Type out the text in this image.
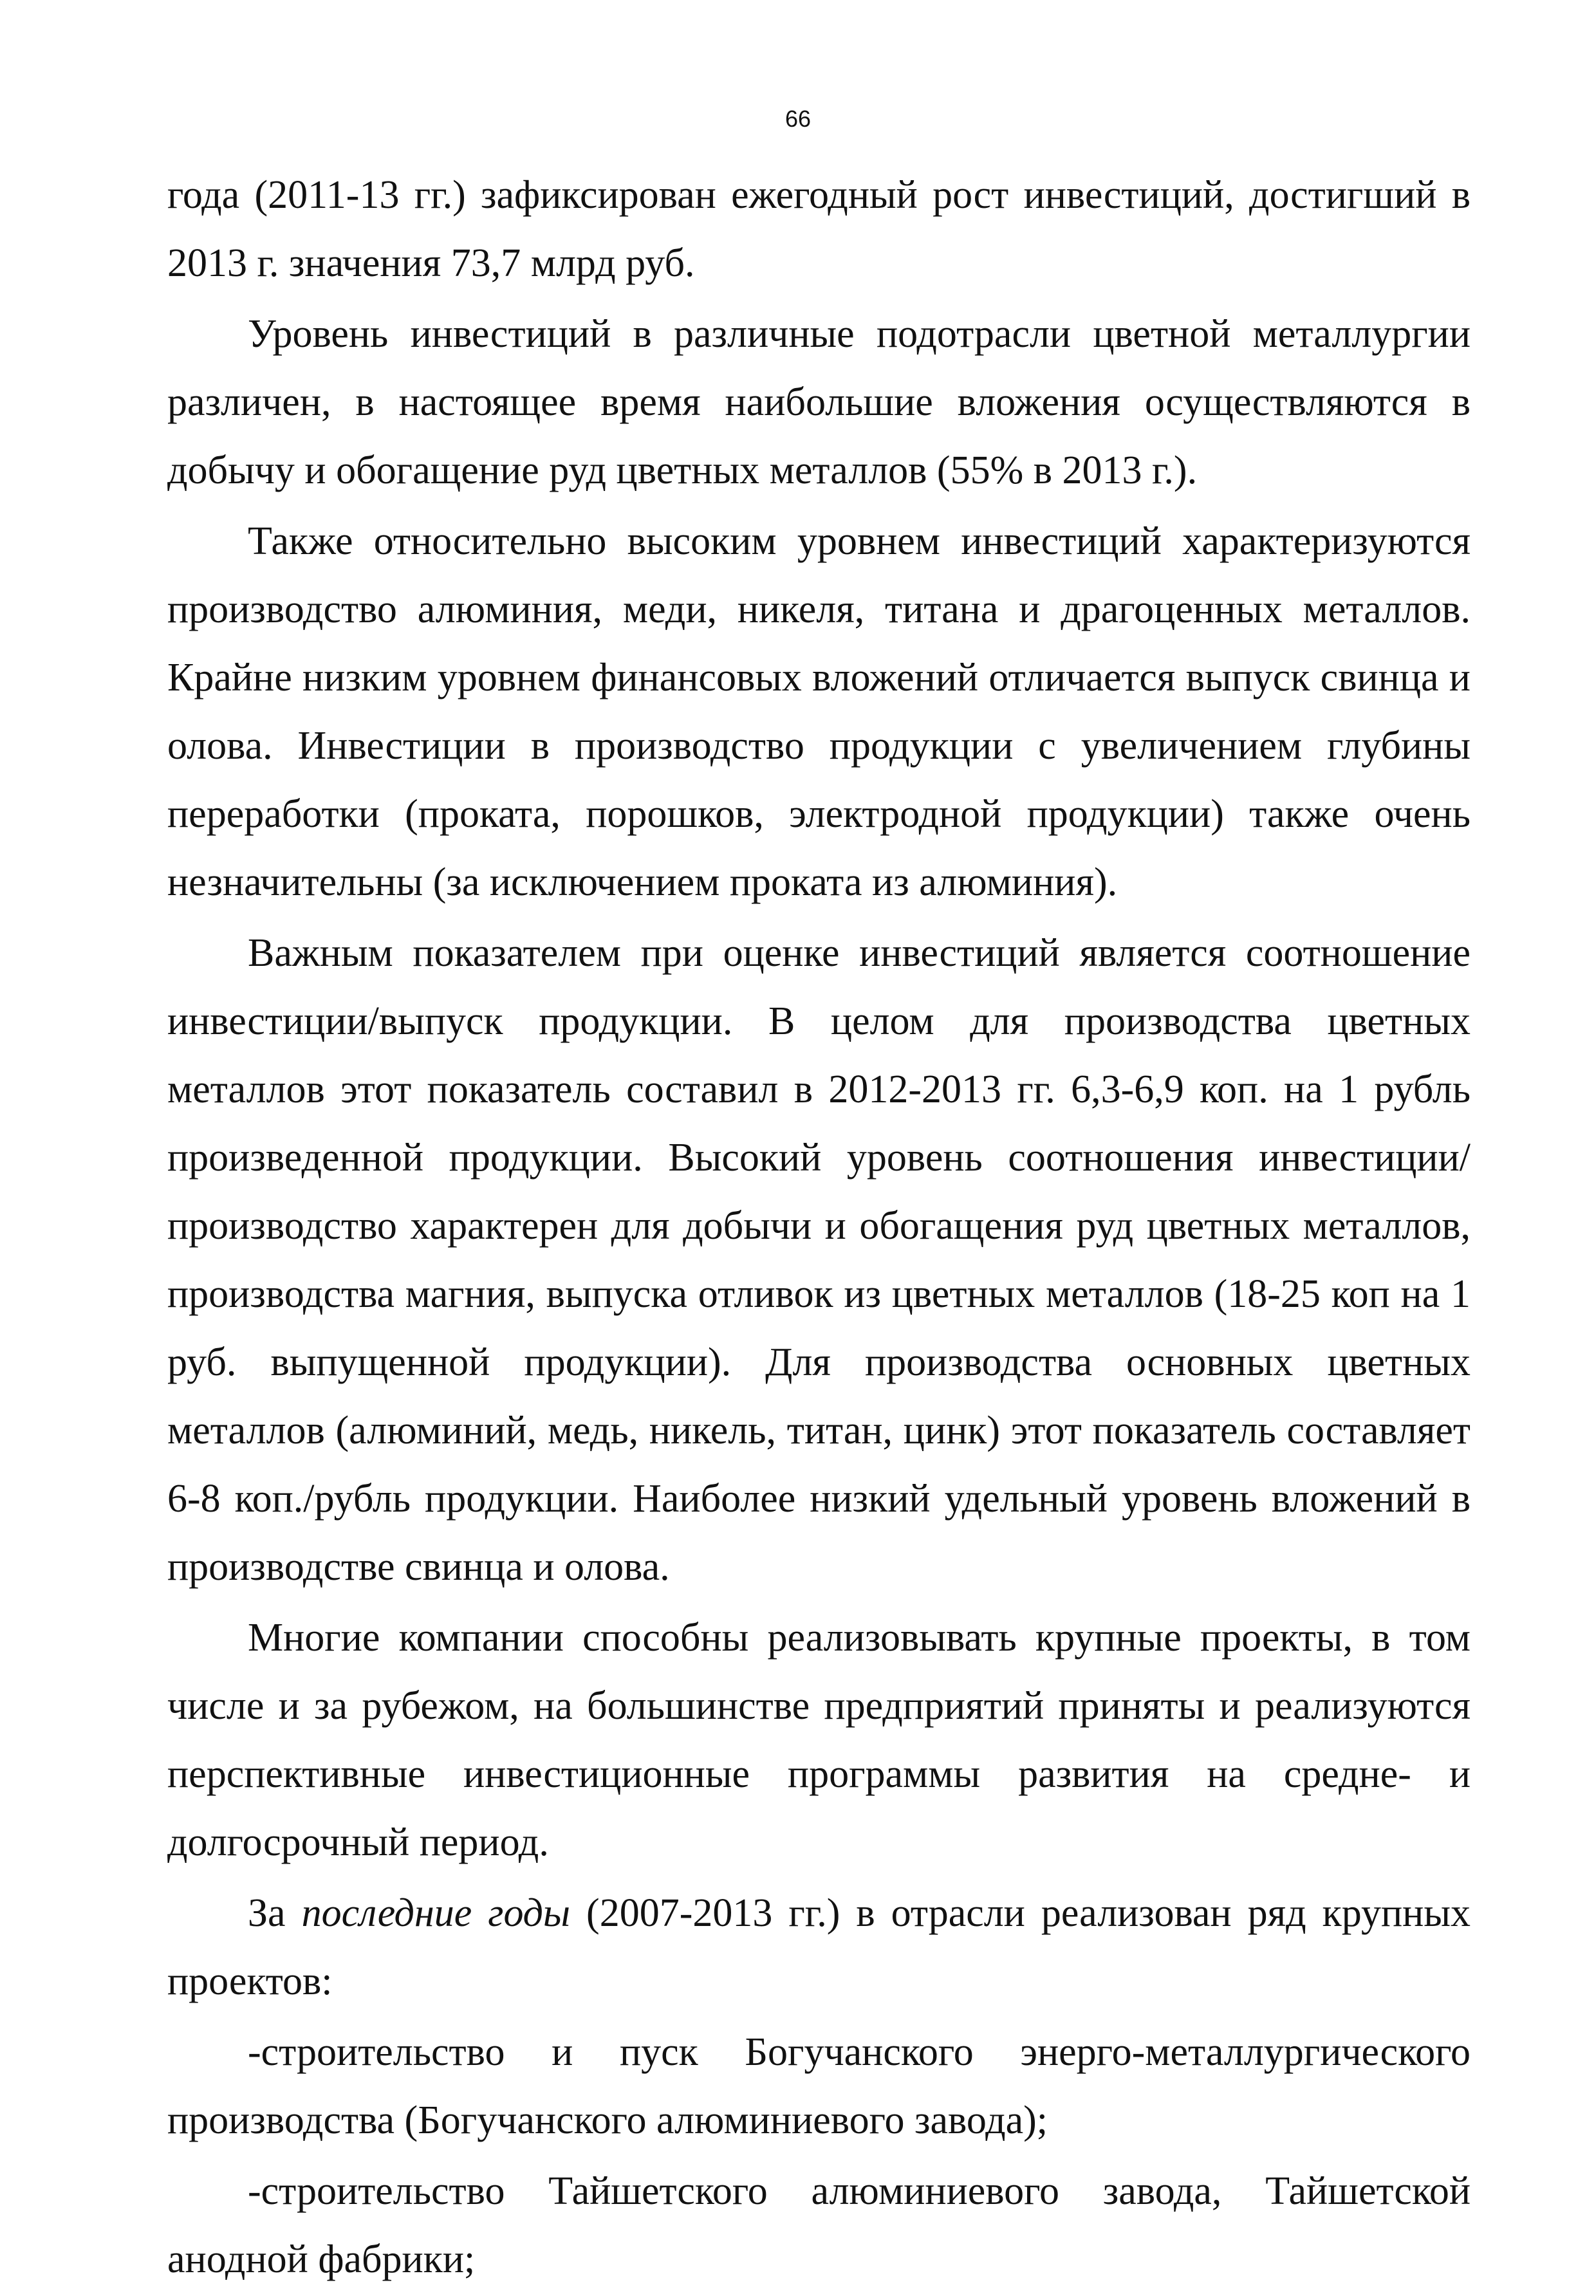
66

года (2011-13 гг.) зафиксирован ежегодный рост инвестиций, достигший в 2013 г. значения 73,7 млрд руб.

Уровень инвестиций в различные подотрасли цветной металлургии различен, в настоящее время наибольшие вложения осуществляются в добычу и обогащение руд цветных металлов (55% в 2013 г.).

Также относительно высоким уровнем инвестиций характеризуются производство алюминия, меди, никеля, титана и драгоценных металлов. Крайне низким уровнем финансовых вложений отличается выпуск свинца и олова. Инвестиции в производство продукции с увеличением глубины переработки (проката, порошков, электродной продукции) также очень незначительны (за исключением проката из алюминия).

Важным показателем при оценке инвестиций является соотношение инвестиции/выпуск продукции. В целом для производства цветных металлов этот показатель составил в 2012-2013 гг. 6,3-6,9 коп. на 1 рубль произведенной продукции. Высокий уровень соотношения инвестиции/производство характерен для добычи и обогащения руд цветных металлов, производства магния, выпуска отливок из цветных металлов (18-25 коп на 1 руб. выпущенной продукции). Для производства основных цветных металлов (алюминий, медь, никель, титан, цинк) этот показатель составляет 6-8 коп./рубль продукции. Наиболее низкий удельный уровень вложений в производстве свинца и олова.

Многие компании способны реализовывать крупные проекты, в том числе и за рубежом, на большинстве предприятий приняты и реализуются перспективные инвестиционные программы развития на средне- и долгосрочный период.

За последние годы (2007-2013 гг.) в отрасли реализован ряд крупных проектов:

-строительство и пуск Богучанского энерго-металлургического производства (Богучанского алюминиевого завода);

-строительство Тайшетского алюминиевого завода, Тайшетской анодной фабрики;
